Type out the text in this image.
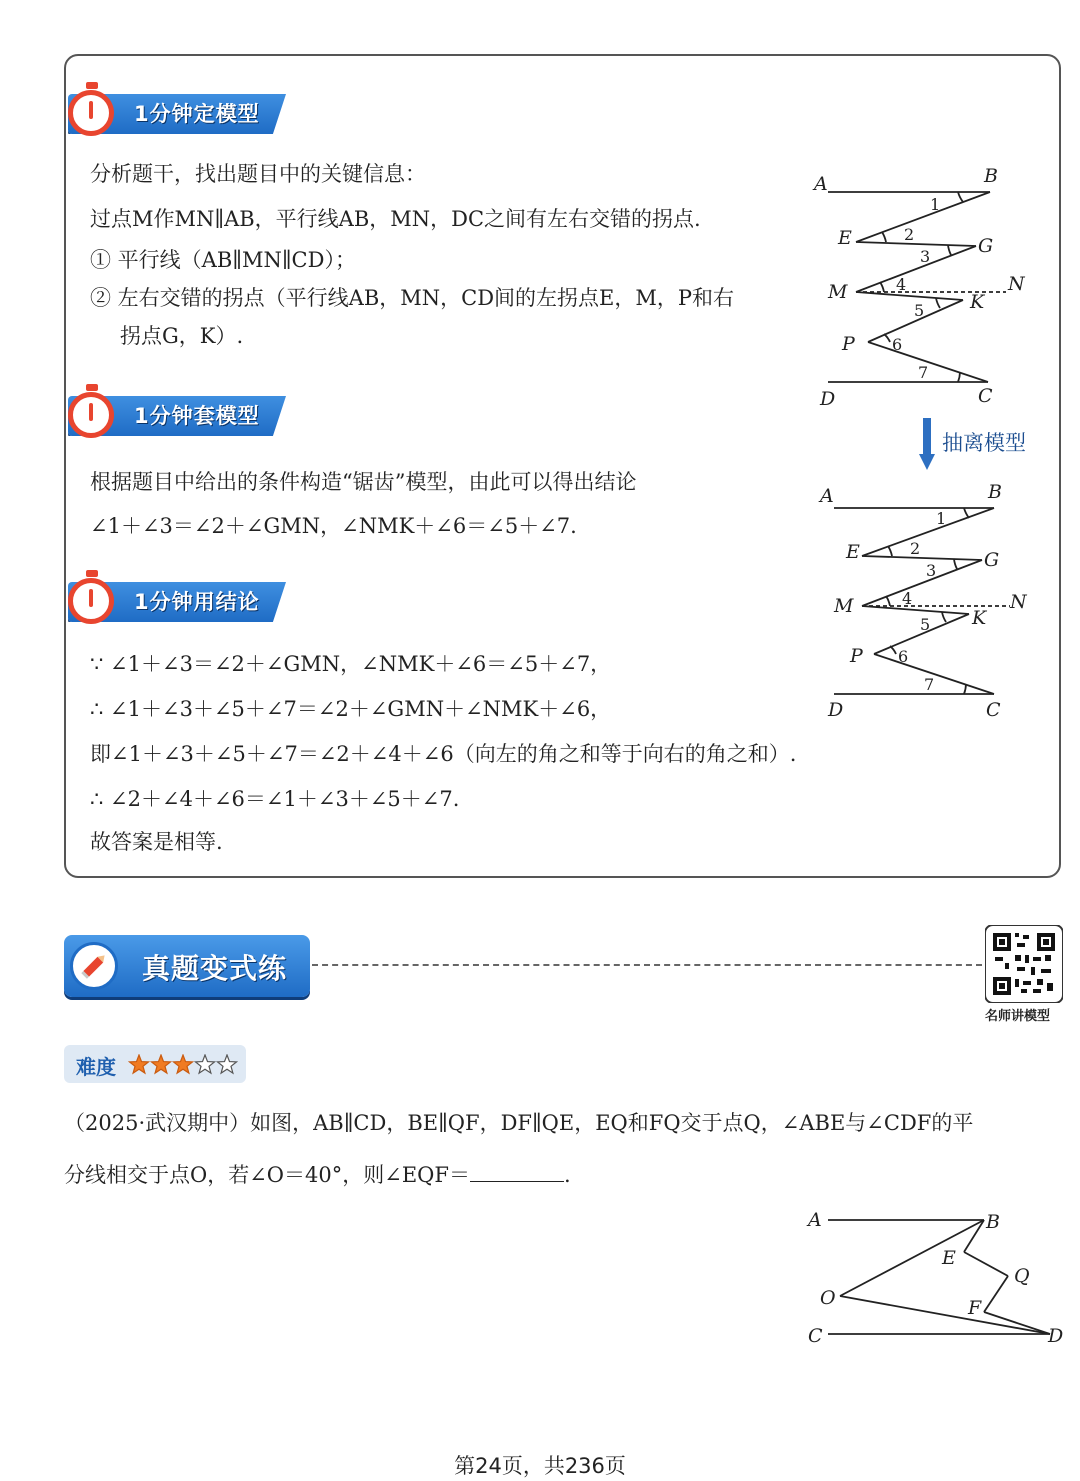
1分钟定模型
分析题干，找出题目中的关键信息：
过点M作MN∥AB，平行线AB，MN，DC之间有左右交错的拐点.
① 平行线（AB∥MN∥CD）；
② 左右交错的拐点（平行线AB，MN，CD间的左拐点E，M，P和右
拐点G，K）.
1分钟套模型
根据题目中给出的条件构造“锯齿”模型，由此可以得出结论
∠1＋∠3＝∠2＋∠GMN，∠NMK＋∠6＝∠5＋∠7.
1分钟用结论
∵ ∠1＋∠3＝∠2＋∠GMN，∠NMK＋∠6＝∠5＋∠7，
∴ ∠1＋∠3＋∠5＋∠7＝∠2＋∠GMN＋∠NMK＋∠6，
即∠1＋∠3＋∠5＋∠7＝∠2＋∠4＋∠6（向左的角之和等于向右的角之和）.
∴ ∠2＋∠4＋∠6＝∠1＋∠3＋∠5＋∠7.
故答案是相等.
A	B
E	G
M	N
K
P
D	C
1
2
3
4
5
6
7
抽离模型
A	B
E	G
M	N
K
P
D	C
1
2
3
4
5
6
7
真题变式练
名师讲模型
难度
（2025·武汉期中）如图，AB∥CD，BE∥QF，DF∥QE，EQ和FQ交于点Q，∠ABE与∠CDF的平
分线相交于点O，若∠O＝40°，则∠EQF＝	.
A	B
E
Q
O	F
C	D
第24页，共236页
